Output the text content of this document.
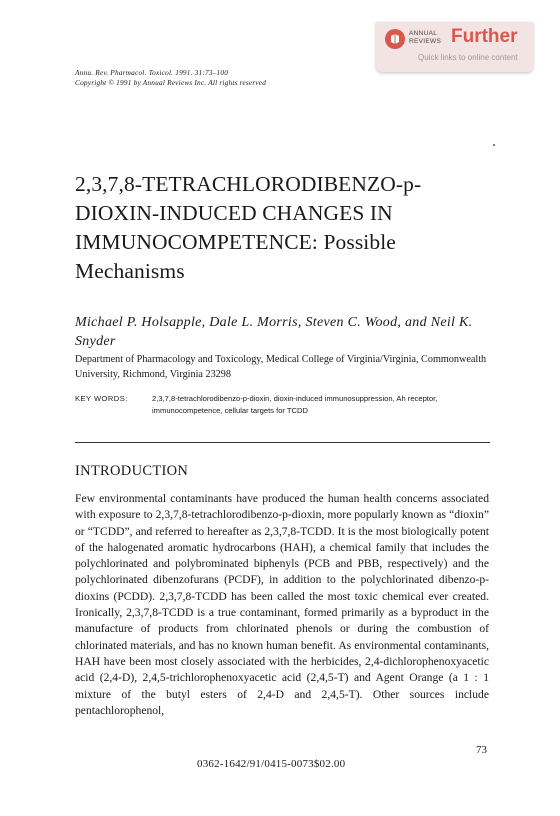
ANNUAL
REVIEWS Further
Quick links to online content
Annu. Rev. Pharmacol. Toxicol. 1991. 31:73–100
Copyright © 1991 by Annual Reviews Inc. All rights reserved
2,3,7,8-TETRACHLORODIBENZO-p-DIOXIN-INDUCED CHANGES IN IMMUNOCOMPETENCE: Possible Mechanisms
Michael P. Holsapple, Dale L. Morris, Steven C. Wood, and Neil K. Snyder
Department of Pharmacology and Toxicology, Medical College of Virginia/Virginia, Commonwealth University, Richmond, Virginia 23298
KEY WORDS:	2,3,7,8-tetrachlorodibenzo-p-dioxin, dioxin-induced immunosuppression, Ah receptor, immunocompetence, cellular targets for TCDD
INTRODUCTION

Few environmental contaminants have produced the human health concerns associated with exposure to 2,3,7,8-tetrachlorodibenzo-p-dioxin, more popularly known as “dioxin” or “TCDD”, and referred to hereafter as 2,3,7,8-TCDD. It is the most biologically potent of the halogenated aromatic hydrocarbons (HAH), a chemical family that includes the polychlorinated and polybrominated biphenyls (PCB and PBB, respectively) and the polychlorinated dibenzofurans (PCDF), in addition to the polychlorinated dibenzo-p-dioxins (PCDD). 2,3,7,8-TCDD has been called the most toxic chemical ever created. Ironically, 2,3,7,8-TCDD is a true contaminant, formed primarily as a byproduct in the manufacture of products from chlorinated phenols or during the combustion of chlorinated materials, and has no known human benefit. As environmental contaminants, HAH have been most closely associated with the herbicides, 2,4-dichlorophenoxyacetic acid (2,4-D), 2,4,5-trichlorophenoxyacetic acid (2,4,5-T) and Agent Orange (a 1 : 1 mixture of the butyl esters of 2,4-D and 2,4,5-T). Other sources include pentachlorophenol,

73
0362-1642/91/0415-0073$02.00
